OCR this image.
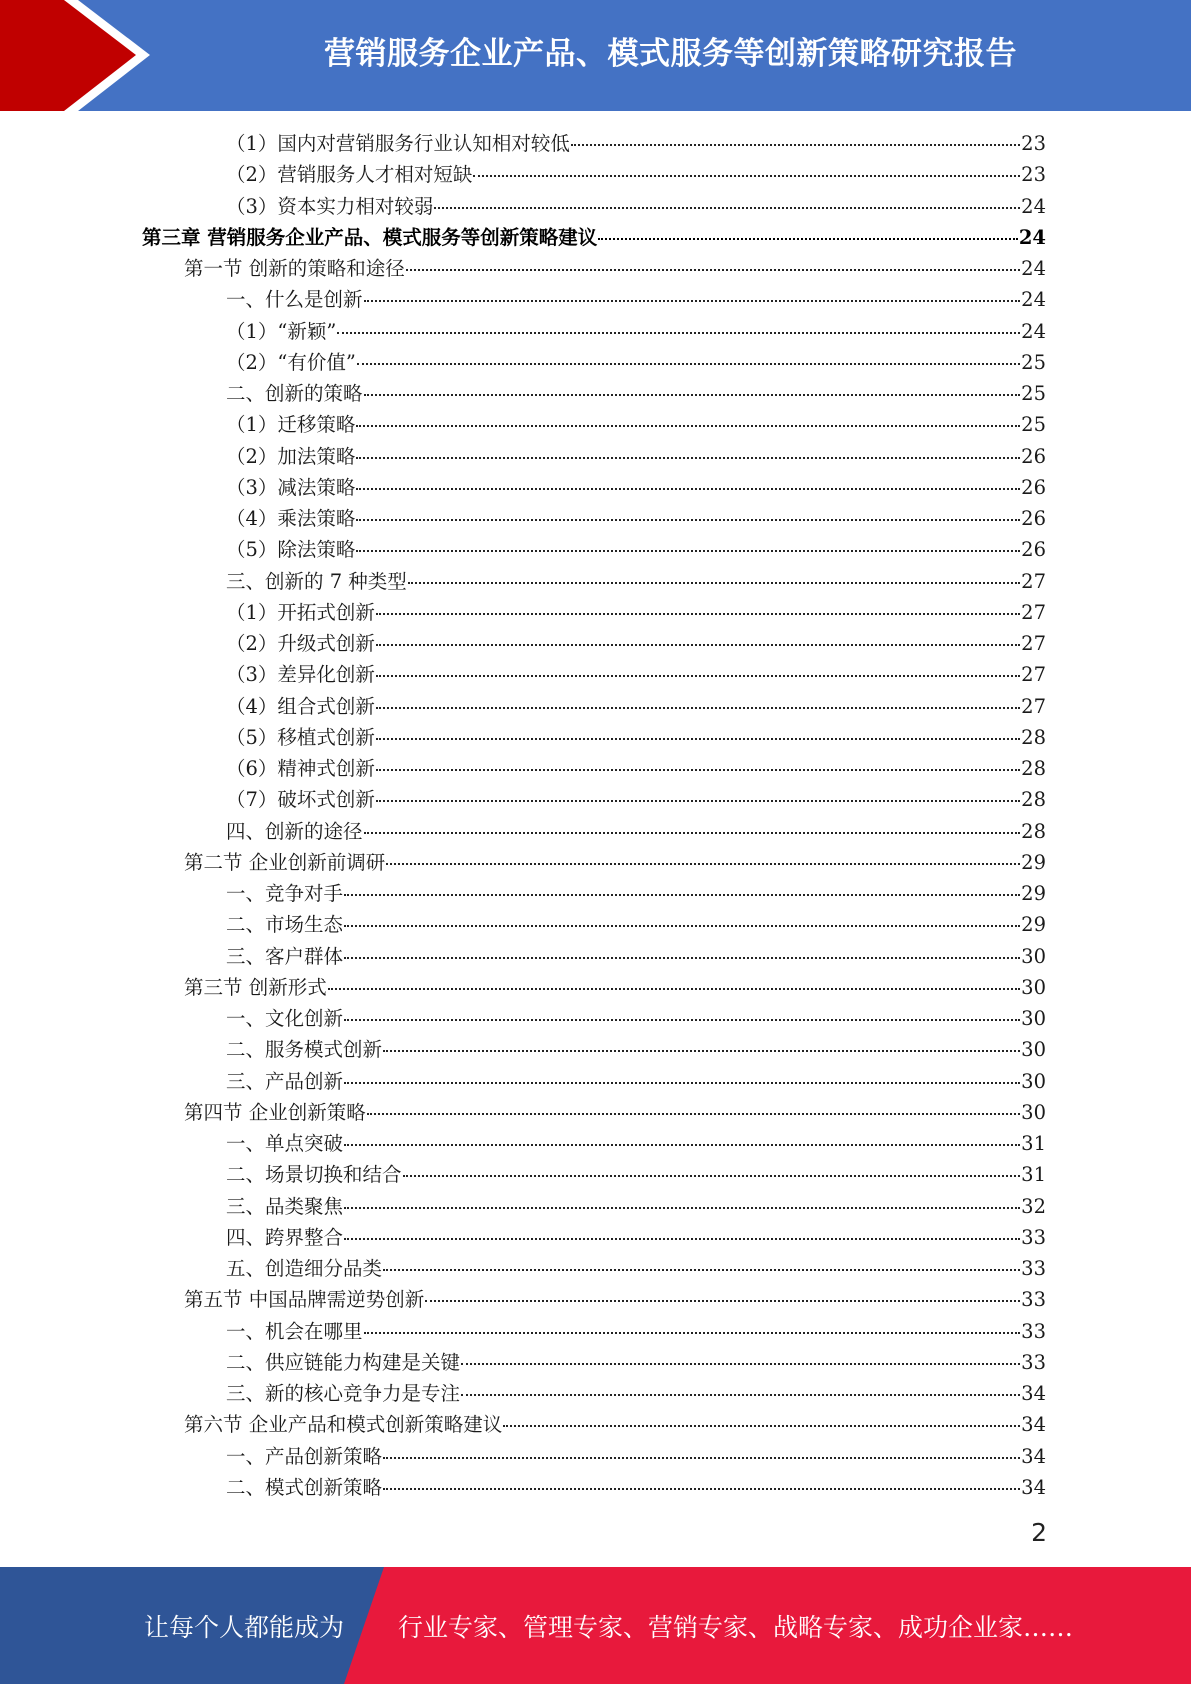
营销服务企业产品、模式服务等创新策略研究报告
（1）国内对营销服务行业认知相对较低	23
（2）营销服务人才相对短缺	23
（3）资本实力相对较弱	24
第三章 营销服务企业产品、模式服务等创新策略建议	24
第一节 创新的策略和途径	24
一、什么是创新	24
（1）“新颖”	24
（2）“有价值”	25
二、创新的策略	25
（1）迁移策略	25
（2）加法策略	26
（3）减法策略	26
（4）乘法策略	26
（5）除法策略	26
三、创新的 7 种类型	27
（1）开拓式创新	27
（2）升级式创新	27
（3）差异化创新	27
（4）组合式创新	27
（5）移植式创新	28
（6）精神式创新	28
（7）破坏式创新	28
四、创新的途径	28
第二节 企业创新前调研	29
一、竞争对手	29
二、市场生态	29
三、客户群体	30
第三节 创新形式	30
一、文化创新	30
二、服务模式创新	30
三、产品创新	30
第四节 企业创新策略	30
一、单点突破	31
二、场景切换和结合	31
三、品类聚焦	32
四、跨界整合	33
五、创造细分品类	33
第五节 中国品牌需逆势创新	33
一、机会在哪里	33
二、供应链能力构建是关键	33
三、新的核心竞争力是专注	34
第六节 企业产品和模式创新策略建议	34
一、产品创新策略	34
二、模式创新策略	34
2
让每个人都能成为 行业专家、管理专家、营销专家、战略专家、成功企业家……
